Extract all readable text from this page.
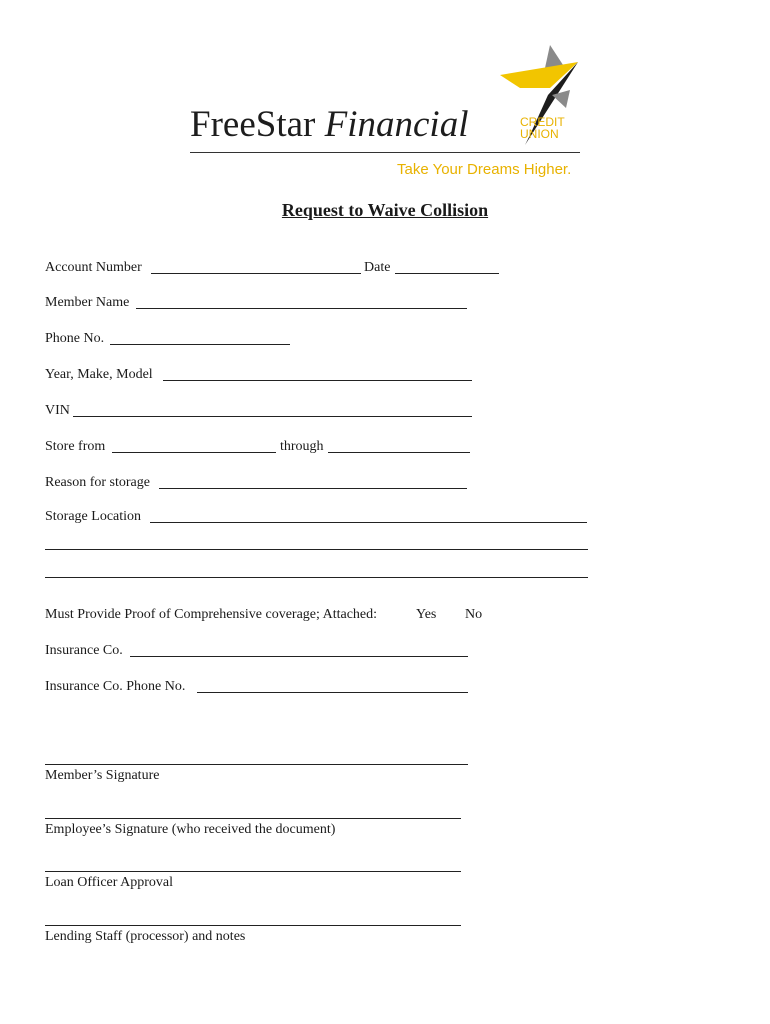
FreeStar Financial	CREDIT
UNION
Take Your Dreams Higher.
Request to Waive Collision
Account Number	Date
Member Name
Phone No.
Year, Make, Model
VIN
Store from	through
Reason for storage
Storage Location
Must Provide Proof of Comprehensive coverage; Attached:	Yes No
Insurance Co.
Insurance Co. Phone No.
Member’s Signature
Employee’s Signature (who received the document)
Loan Officer Approval
Lending Staff (processor) and notes
